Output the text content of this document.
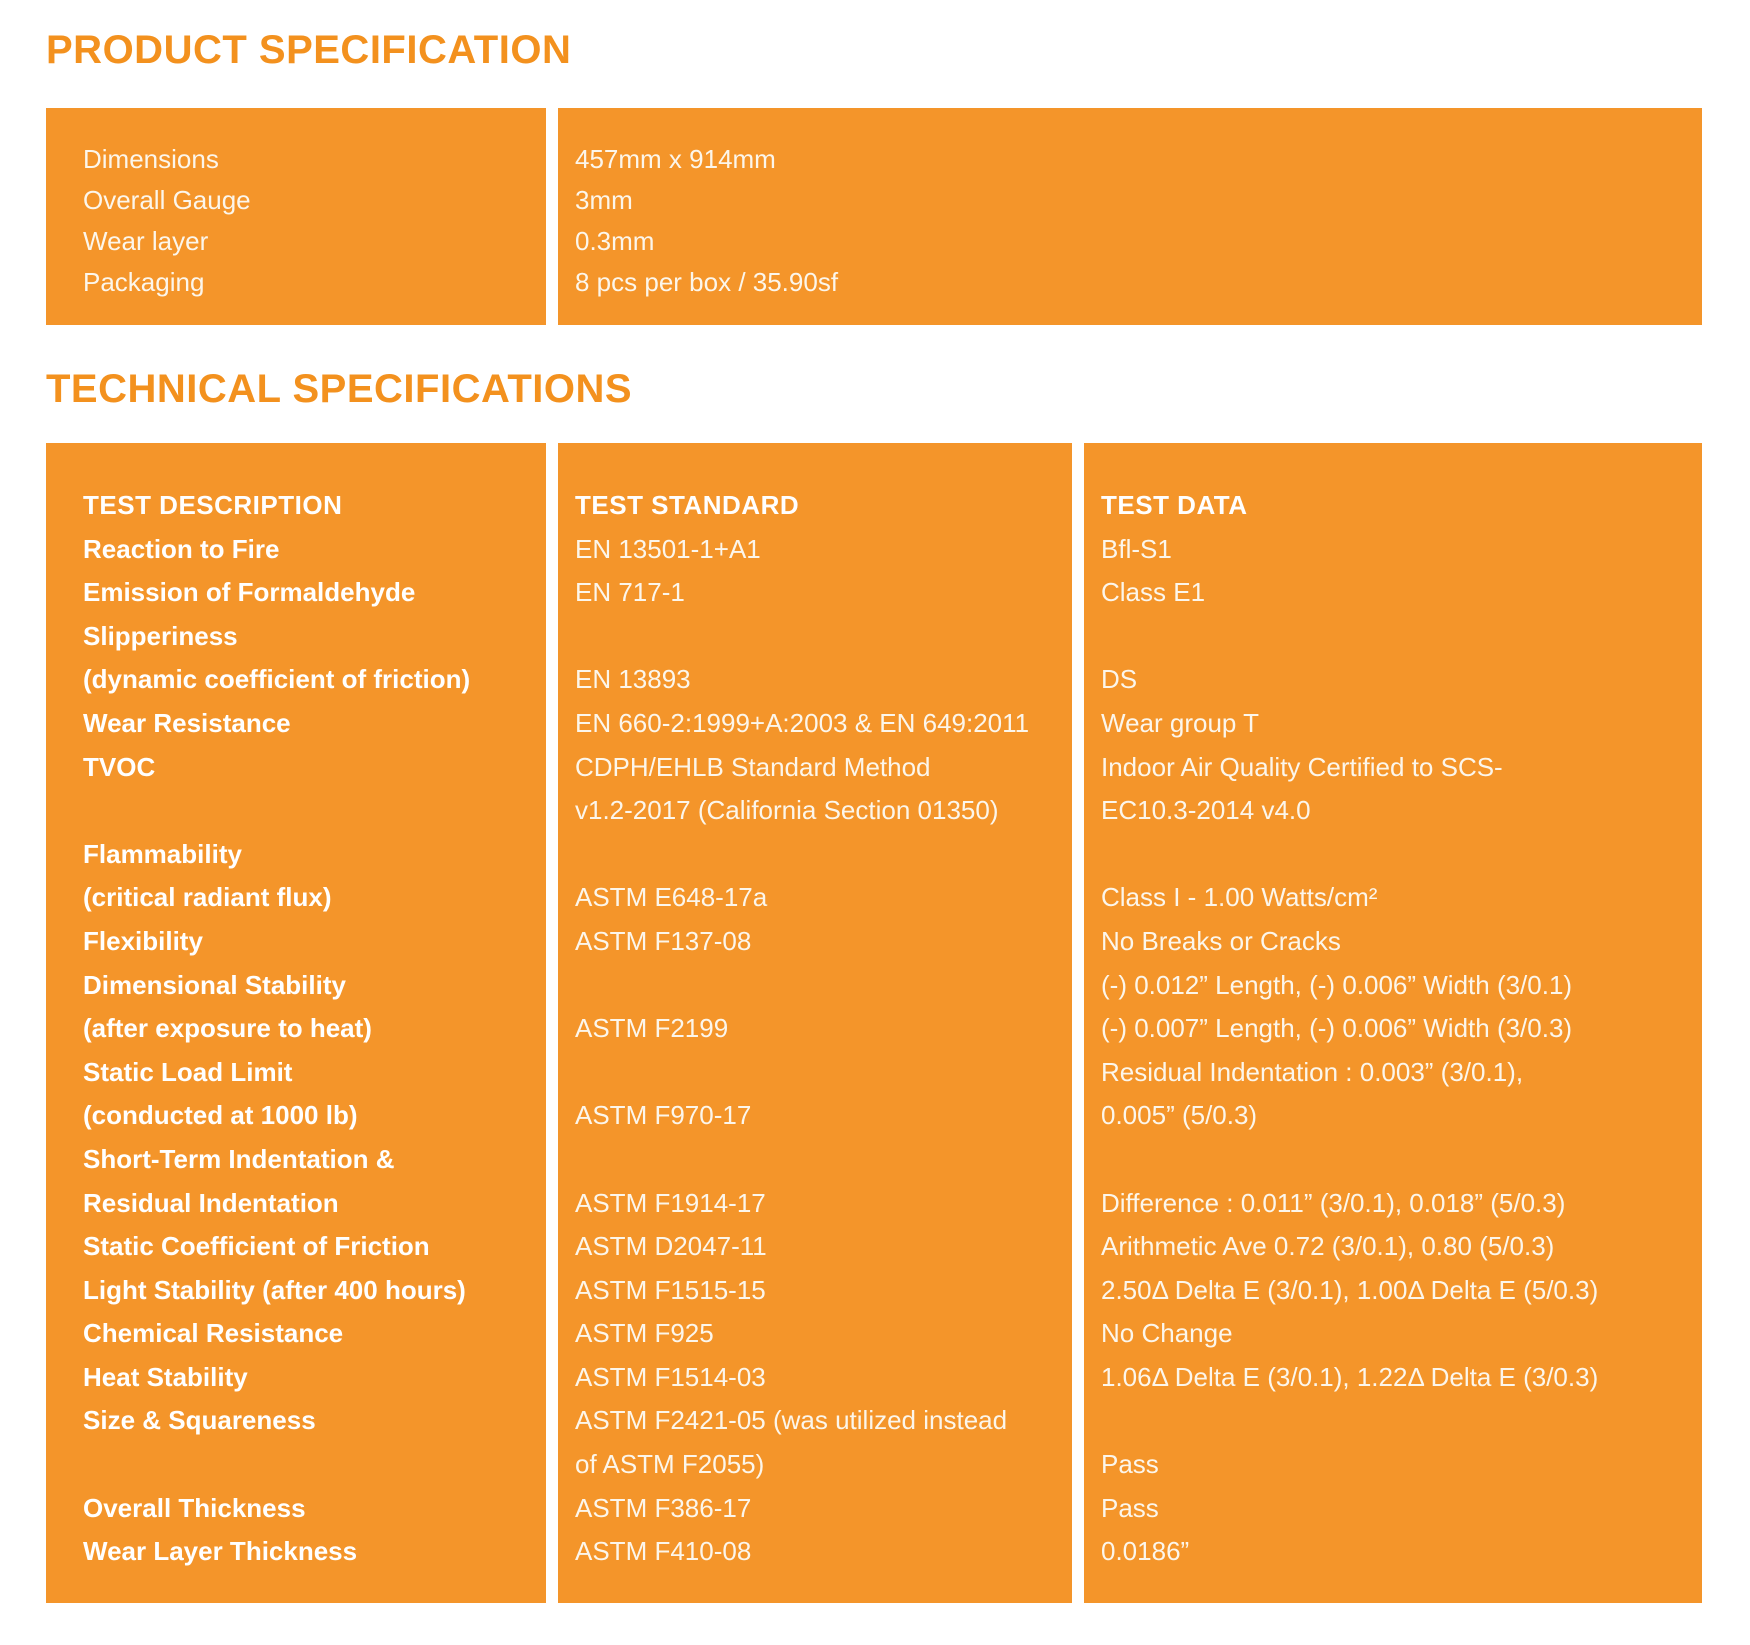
PRODUCT SPECIFICATION
Dimensions
Overall Gauge
Wear layer
Packaging
457mm x 914mm
3mm
0.3mm
8 pcs per box / 35.90sf
TECHNICAL SPECIFICATIONS
TEST DESCRIPTION
Reaction to Fire
Emission of Formaldehyde
Slipperiness
(dynamic coefficient of friction)
Wear Resistance
TVOC
Flammability
(critical radiant flux)
Flexibility
Dimensional Stability
(after exposure to heat)
Static Load Limit
(conducted at 1000 lb)
Short-Term Indentation &
Residual Indentation
Static Coefficient of Friction
Light Stability (after 400 hours)
Chemical Resistance
Heat Stability
Size & Squareness
Overall Thickness
Wear Layer Thickness
TEST STANDARD
EN 13501-1+A1
EN 717-1
EN 13893
EN 660-2:1999+A:2003 & EN 649:2011
CDPH/EHLB Standard Method
v1.2-2017 (California Section 01350)
ASTM E648-17a
ASTM F137-08
ASTM F2199
ASTM F970-17
ASTM F1914-17
ASTM D2047-11
ASTM F1515-15
ASTM F925
ASTM F1514-03
ASTM F2421-05 (was utilized instead
of ASTM F2055)
ASTM F386-17
ASTM F410-08
TEST DATA
Bfl-S1
Class E1
DS
Wear group T
Indoor Air Quality Certified to SCS-
EC10.3-2014 v4.0
Class I - 1.00 Watts/cm²
No Breaks or Cracks
(-) 0.012” Length, (-) 0.006” Width (3/0.1)
(-) 0.007” Length, (-) 0.006” Width (3/0.3)
Residual Indentation : 0.003” (3/0.1),
0.005” (5/0.3)
Difference : 0.011” (3/0.1), 0.018” (5/0.3)
Arithmetic Ave 0.72 (3/0.1), 0.80 (5/0.3)
2.50Δ Delta E (3/0.1), 1.00Δ Delta E (5/0.3)
No Change
1.06Δ Delta E (3/0.1), 1.22Δ Delta E (3/0.3)
Pass
Pass
0.0186”
